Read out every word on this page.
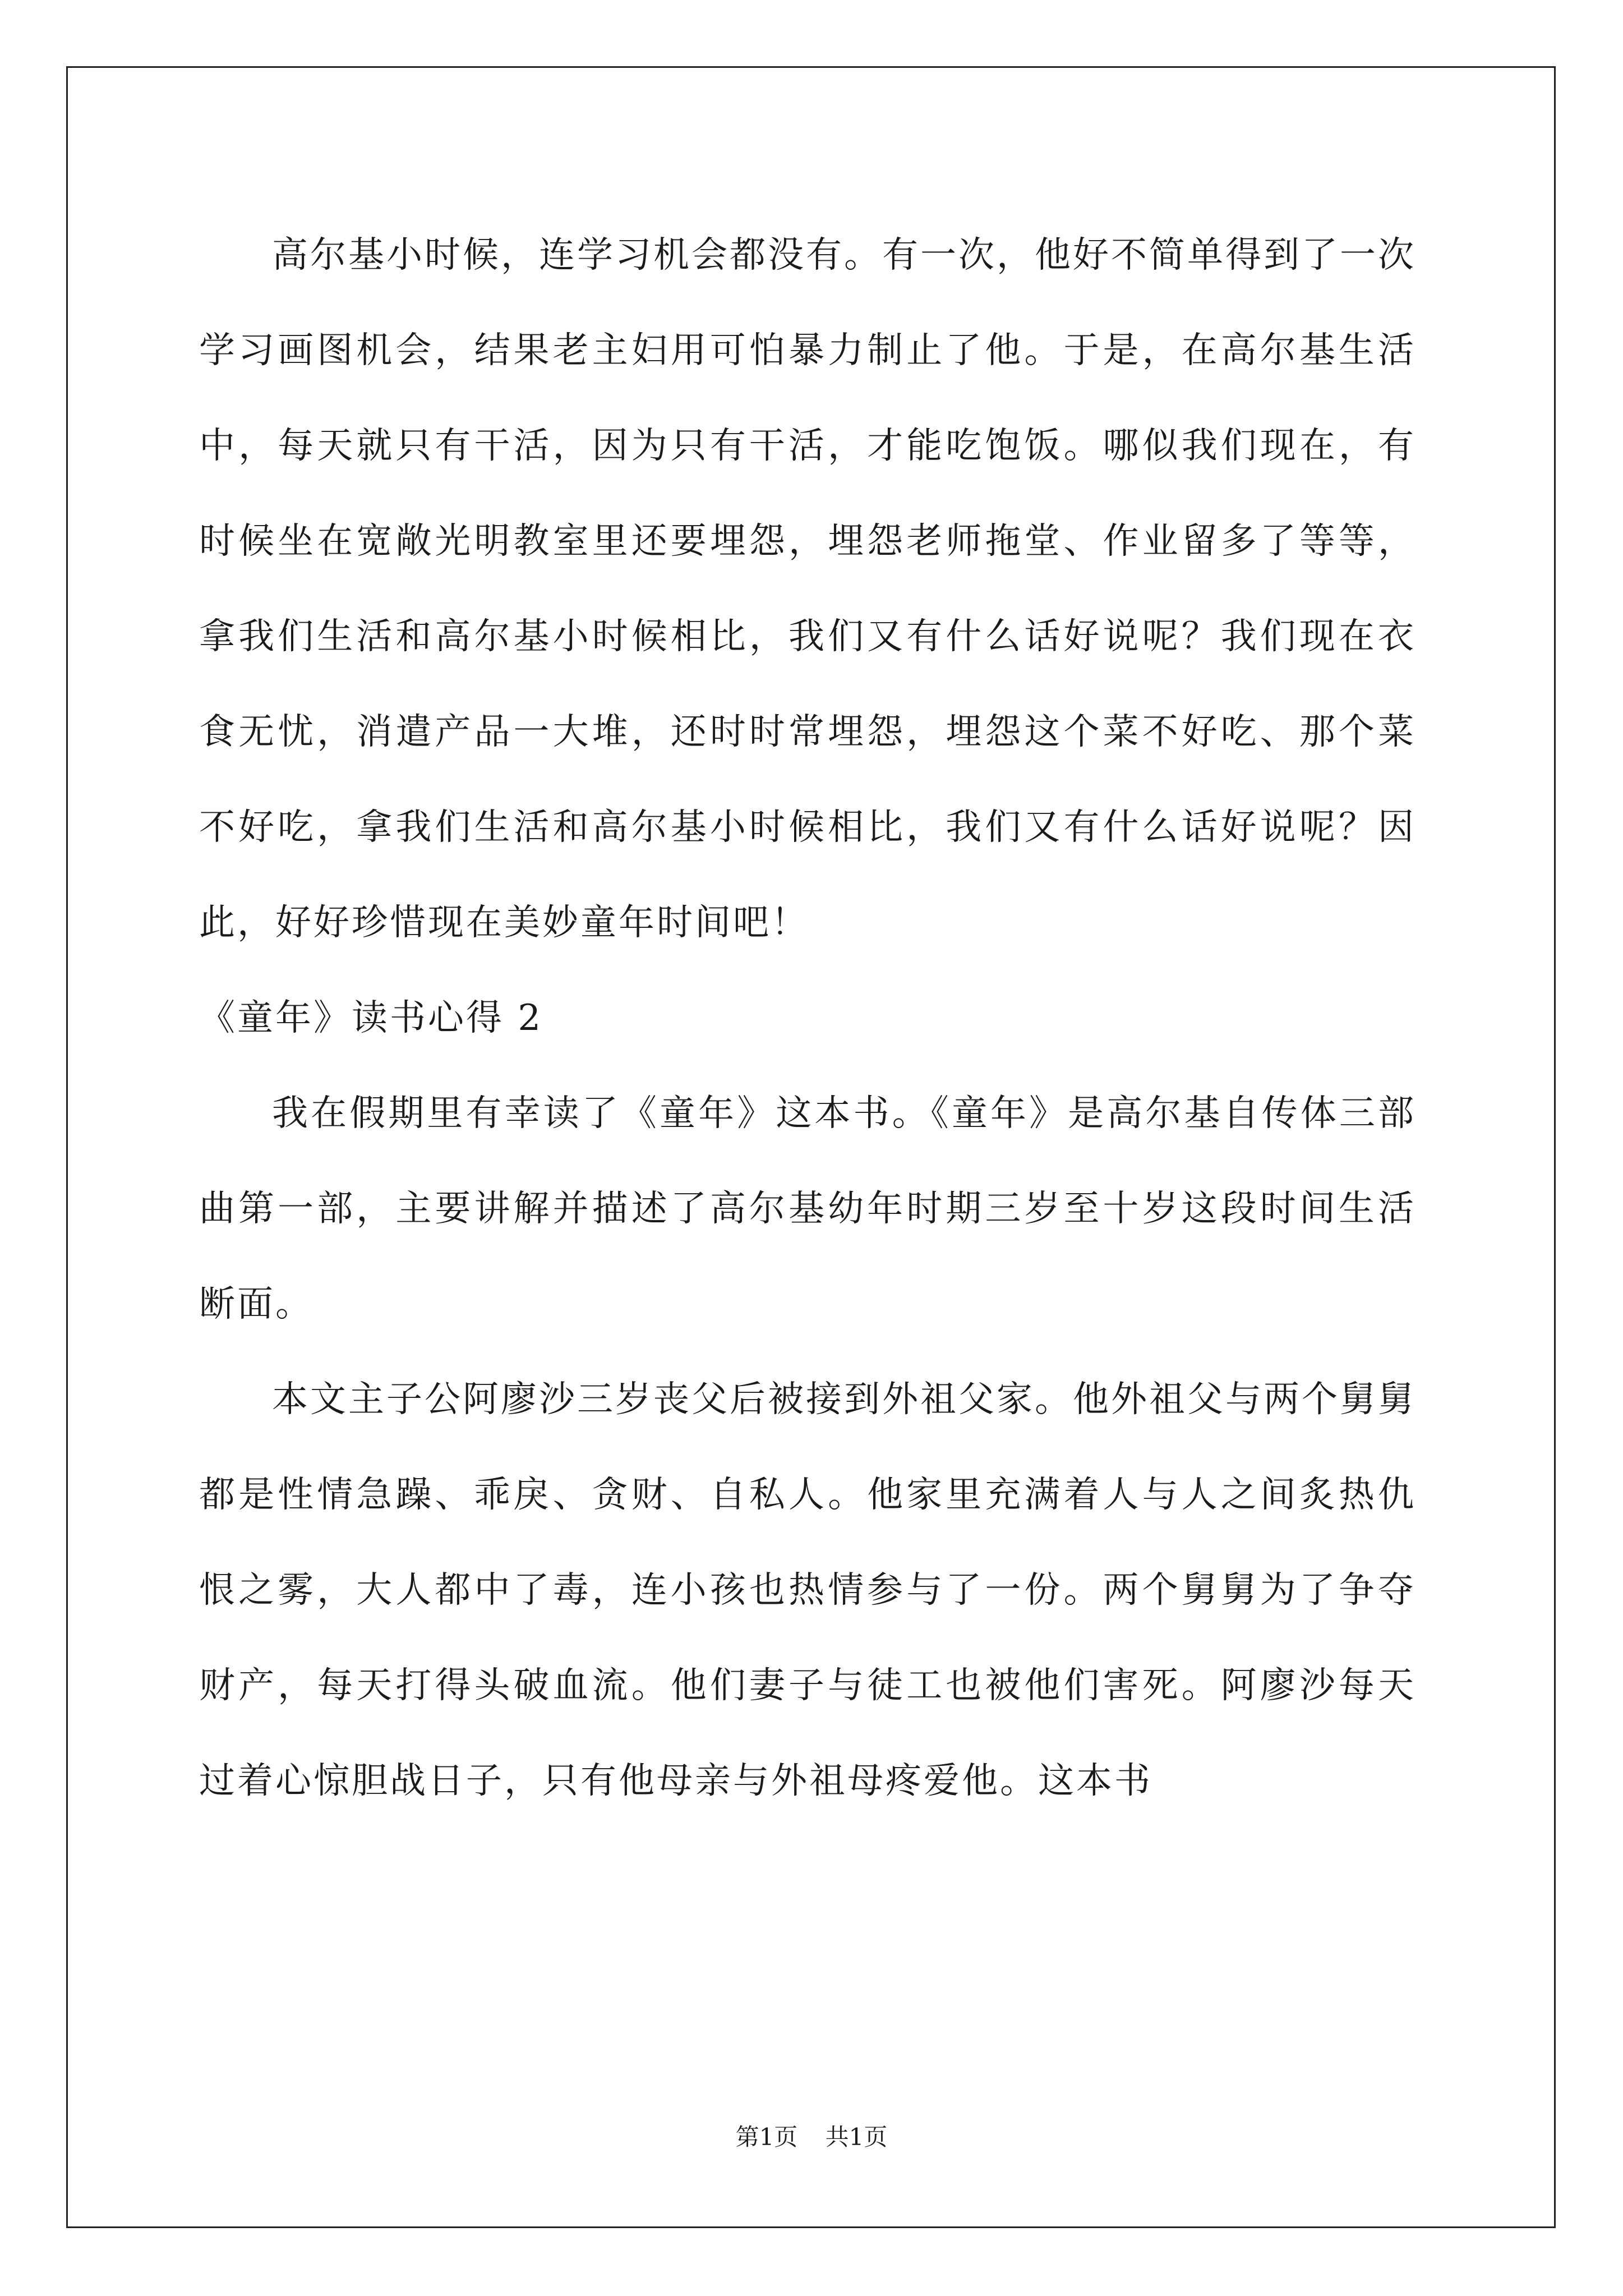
高尔基小时候，连学习机会都没有。有一次，他好不简单得到了一次学习画图机会，结果老主妇用可怕暴力制止了他。于是，在高尔基生活中，每天就只有干活，因为只有干活，才能吃饱饭。哪似我们现在，有时候坐在宽敞光明教室里还要埋怨，埋怨老师拖堂、作业留多了等等，拿我们生活和高尔基小时候相比，我们又有什么话好说呢？我们现在衣食无忧，消遣产品一大堆，还时时常埋怨，埋怨这个菜不好吃、那个菜不好吃，拿我们生活和高尔基小时候相比，我们又有什么话好说呢？因此，好好珍惜现在美妙童年时间吧！

《童年》读书心得 2

我在假期里有幸读了《童年》这本书。《童年》是高尔基自传体三部曲第一部，主要讲解并描述了高尔基幼年时期三岁至十岁这段时间生活断面。

本文主子公阿廖沙三岁丧父后被接到外祖父家。他外祖父与两个舅舅都是性情急躁、乖戾、贪财、自私人。他家里充满着人与人之间炙热仇恨之雾，大人都中了毒，连小孩也热情参与了一份。两个舅舅为了争夺财产，每天打得头破血流。他们妻子与徒工也被他们害死。阿廖沙每天过着心惊胆战日子，只有他母亲与外祖母疼爱他。这本书

第1页 共1页
